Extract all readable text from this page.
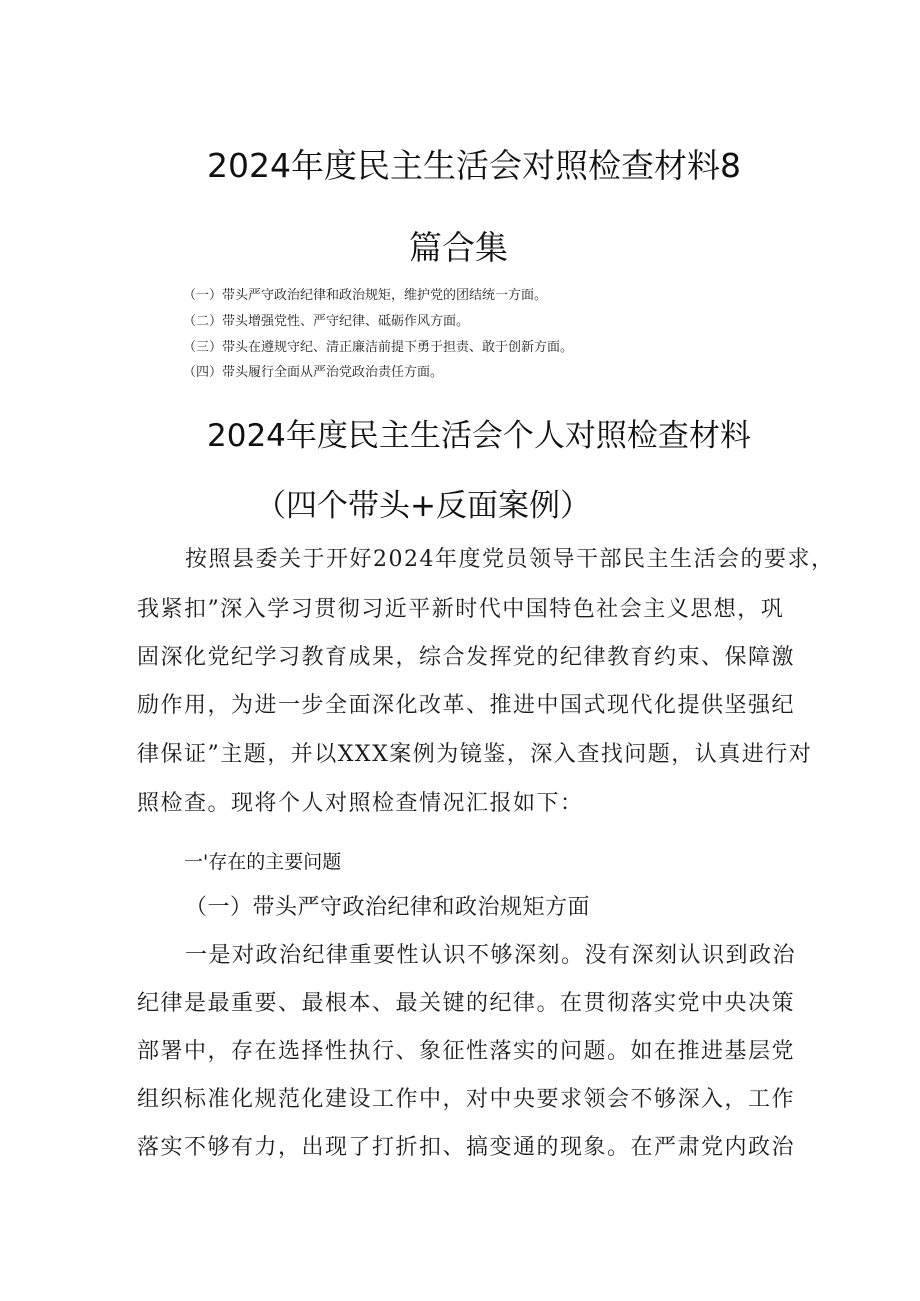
2024年度民主生活会对照检查材料8
篇合集
（一）带头严守政治纪律和政治规矩，维护党的团结统一方面。
（二）带头增强党性、严守纪律、砥砺作风方面。
（三）带头在遵规守纪、清正廉洁前提下勇于担责、敢于创新方面。
（四）带头履行全面从严治党政治责任方面。
2024年度民主生活会个人对照检查材料
（四个带头+反面案例）
按照县委关于开好2024年度党员领导干部民主生活会的要求，
我紧扣”深入学习贯彻习近平新时代中国特色社会主义思想，巩
固深化党纪学习教育成果，综合发挥党的纪律教育约束、保障激
励作用，为进一步全面深化改革、推进中国式现代化提供坚强纪
律保证”主题，并以XXX案例为镜鉴，深入查找问题，认真进行对
照检查。现将个人对照检查情况汇报如下：
一'存在的主要问题
（一）带头严守政治纪律和政治规矩方面
一是对政治纪律重要性认识不够深刻。没有深刻认识到政治
纪律是最重要、最根本、最关键的纪律。在贯彻落实党中央决策
部署中，存在选择性执行、象征性落实的问题。如在推进基层党
组织标准化规范化建设工作中，对中央要求领会不够深入，工作
落实不够有力，出现了打折扣、搞变通的现象。在严肃党内政治
